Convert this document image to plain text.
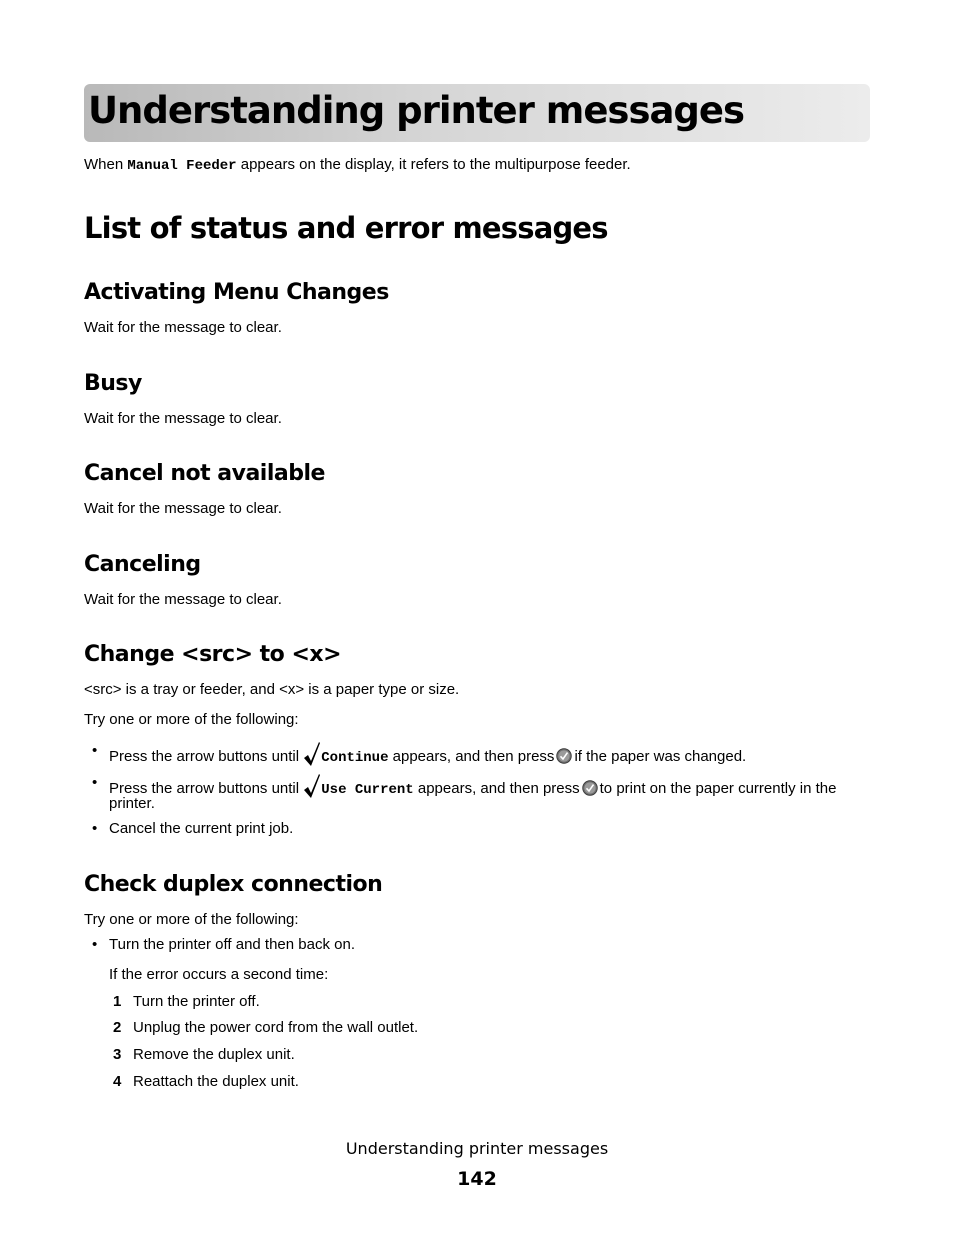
Understanding printer messages

When Manual Feeder appears on the display, it refers to the multipurpose feeder.

List of status and error messages
Activating Menu Changes

Wait for the message to clear.

Busy

Wait for the message to clear.

Cancel not available

Wait for the message to clear.

Canceling

Wait for the message to clear.

Change <src> to <x>

<src> is a tray or feeder, and <x> is a paper type or size.

Try one or more of the following:

• Press the arrow buttons until Continue appears, and then press if the paper was changed.

• Press the arrow buttons until Use Current appears, and then press to print on the paper currently in the

printer.

• Cancel the current print job.

Check duplex connection

Try one or more of the following:

• Turn the printer off and then back on.

If the error occurs a second time:

1 Turn the printer off.

2 Unplug the power cord from the wall outlet.

3 Remove the duplex unit.

4 Reattach the duplex unit.

Understanding printer messages
142
